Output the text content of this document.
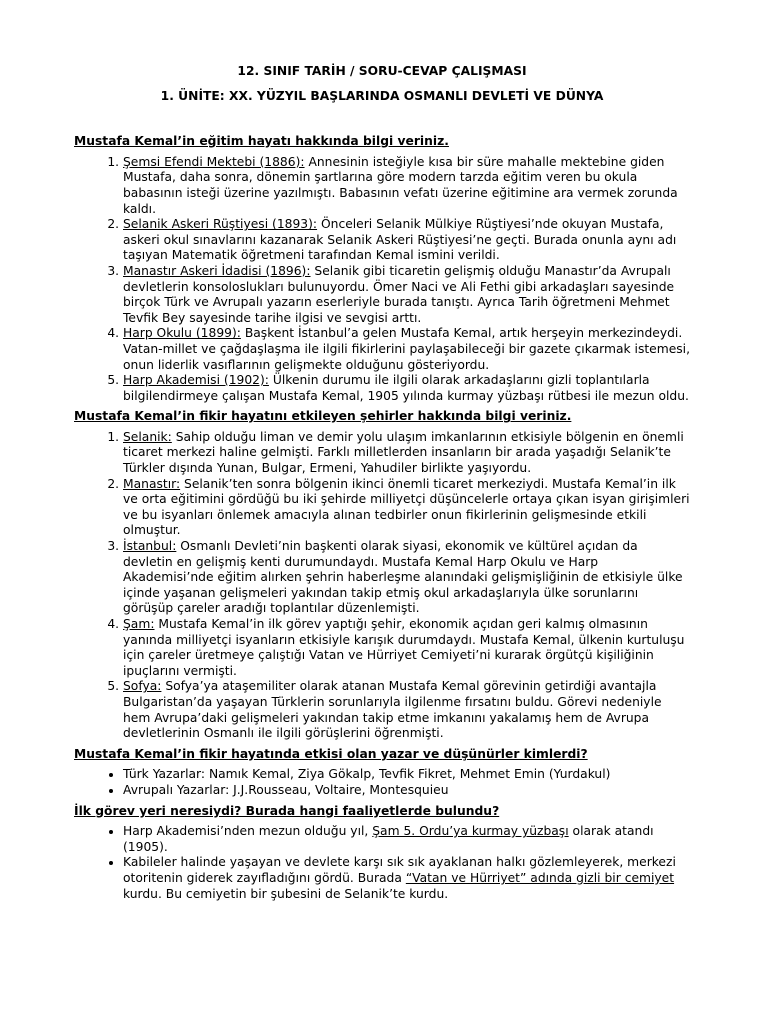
12. SINIF TARİH / SORU-CEVAP ÇALIŞMASI

1. ÜNİTE: XX. YÜZYIL BAŞLARINDA OSMANLI DEVLETİ VE DÜNYA

Mustafa Kemal’in eğitim hayatı hakkında bilgi veriniz.

1. Şemsi Efendi Mektebi (1886): Annesinin isteğiyle kısa bir süre mahalle mektebine giden Mustafa, daha sonra, dönemin şartlarına göre modern tarzda eğitim veren bu okula babasının isteği üzerine yazılmıştı. Babasının vefatı üzerine eğitimine ara vermek zorunda kaldı.
2. Selanik Askeri Rüştiyesi (1893): Önceleri Selanik Mülkiye Rüştiyesi’nde okuyan Mustafa, askeri okul sınavlarını kazanarak Selanik Askeri Rüştiyesi’ne geçti. Burada onunla aynı adı taşıyan Matematik öğretmeni tarafından Kemal ismini verildi.
3. Manastır Askeri İdadisi (1896): Selanik gibi ticaretin gelişmiş olduğu Manastır’da Avrupalı devletlerin konsoloslukları bulunuyordu. Ömer Naci ve Ali Fethi gibi arkadaşları sayesinde birçok Türk ve Avrupalı yazarın eserleriyle burada tanıştı. Ayrıca Tarih öğretmeni Mehmet Tevfik Bey sayesinde tarihe ilgisi ve sevgisi arttı.
4. Harp Okulu (1899): Başkent İstanbul’a gelen Mustafa Kemal, artık herşeyin merkezindeydi. Vatan-millet ve çağdaşlaşma ile ilgili fikirlerini paylaşabileceği bir gazete çıkarmak istemesi, onun liderlik vasıflarının gelişmekte olduğunu gösteriyordu.
5. Harp Akademisi (1902): Ülkenin durumu ile ilgili olarak arkadaşlarını gizli toplantılarla bilgilendirmeye çalışan Mustafa Kemal, 1905 yılında kurmay yüzbaşı rütbesi ile mezun oldu.

Mustafa Kemal’in fikir hayatını etkileyen şehirler hakkında bilgi veriniz.

1. Selanik: Sahip olduğu liman ve demir yolu ulaşım imkanlarının etkisiyle bölgenin en önemli ticaret merkezi haline gelmişti. Farklı milletlerden insanların bir arada yaşadığı Selanik’te Türkler dışında Yunan, Bulgar, Ermeni, Yahudiler birlikte yaşıyordu.
2. Manastır: Selanik’ten sonra bölgenin ikinci önemli ticaret merkeziydi. Mustafa Kemal’in ilk ve orta eğitimini gördüğü bu iki şehirde milliyetçi düşüncelerle ortaya çıkan isyan girişimleri ve bu isyanları önlemek amacıyla alınan tedbirler onun fikirlerinin gelişmesinde etkili olmuştur.
3. İstanbul: Osmanlı Devleti’nin başkenti olarak siyasi, ekonomik ve kültürel açıdan da devletin en gelişmiş kenti durumundaydı. Mustafa Kemal Harp Okulu ve Harp Akademisi’nde eğitim alırken şehrin haberleşme alanındaki gelişmişliğinin de etkisiyle ülke içinde yaşanan gelişmeleri yakından takip etmiş okul arkadaşlarıyla ülke sorunlarını görüşüp çareler aradığı toplantılar düzenlemişti.
4. Şam: Mustafa Kemal’in ilk görev yaptığı şehir, ekonomik açıdan geri kalmış olmasının yanında milliyetçi isyanların etkisiyle karışık durumdaydı. Mustafa Kemal, ülkenin kurtuluşu için çareler üretmeye çalıştığı Vatan ve Hürriyet Cemiyeti’ni kurarak örgütçü kişiliğinin ipuçlarını vermişti.
5. Sofya: Sofya’ya ataşemiliter olarak atanan Mustafa Kemal görevinin getirdiği avantajla Bulgaristan’da yaşayan Türklerin sorunlarıyla ilgilenme fırsatını buldu. Görevi nedeniyle hem Avrupa’daki gelişmeleri yakından takip etme imkanını yakalamış hem de Avrupa devletlerinin Osmanlı ile ilgili görüşlerini öğrenmişti.

Mustafa Kemal’in fikir hayatında etkisi olan yazar ve düşünürler kimlerdi?

• Türk Yazarlar: Namık Kemal, Ziya Gökalp, Tevfik Fikret, Mehmet Emin (Yurdakul)
• Avrupalı Yazarlar: J.J.Rousseau, Voltaire, Montesquieu

İlk görev yeri neresiydi? Burada hangi faaliyetlerde bulundu?

• Harp Akademisi’nden mezun olduğu yıl, Şam 5. Ordu’ya kurmay yüzbaşı olarak atandı (1905).
• Kabileler halinde yaşayan ve devlete karşı sık sık ayaklanan halkı gözlemleyerek, merkezi otoritenin giderek zayıfladığını gördü. Burada “Vatan ve Hürriyet” adında gizli bir cemiyet kurdu. Bu cemiyetin bir şubesini de Selanik’te kurdu.
